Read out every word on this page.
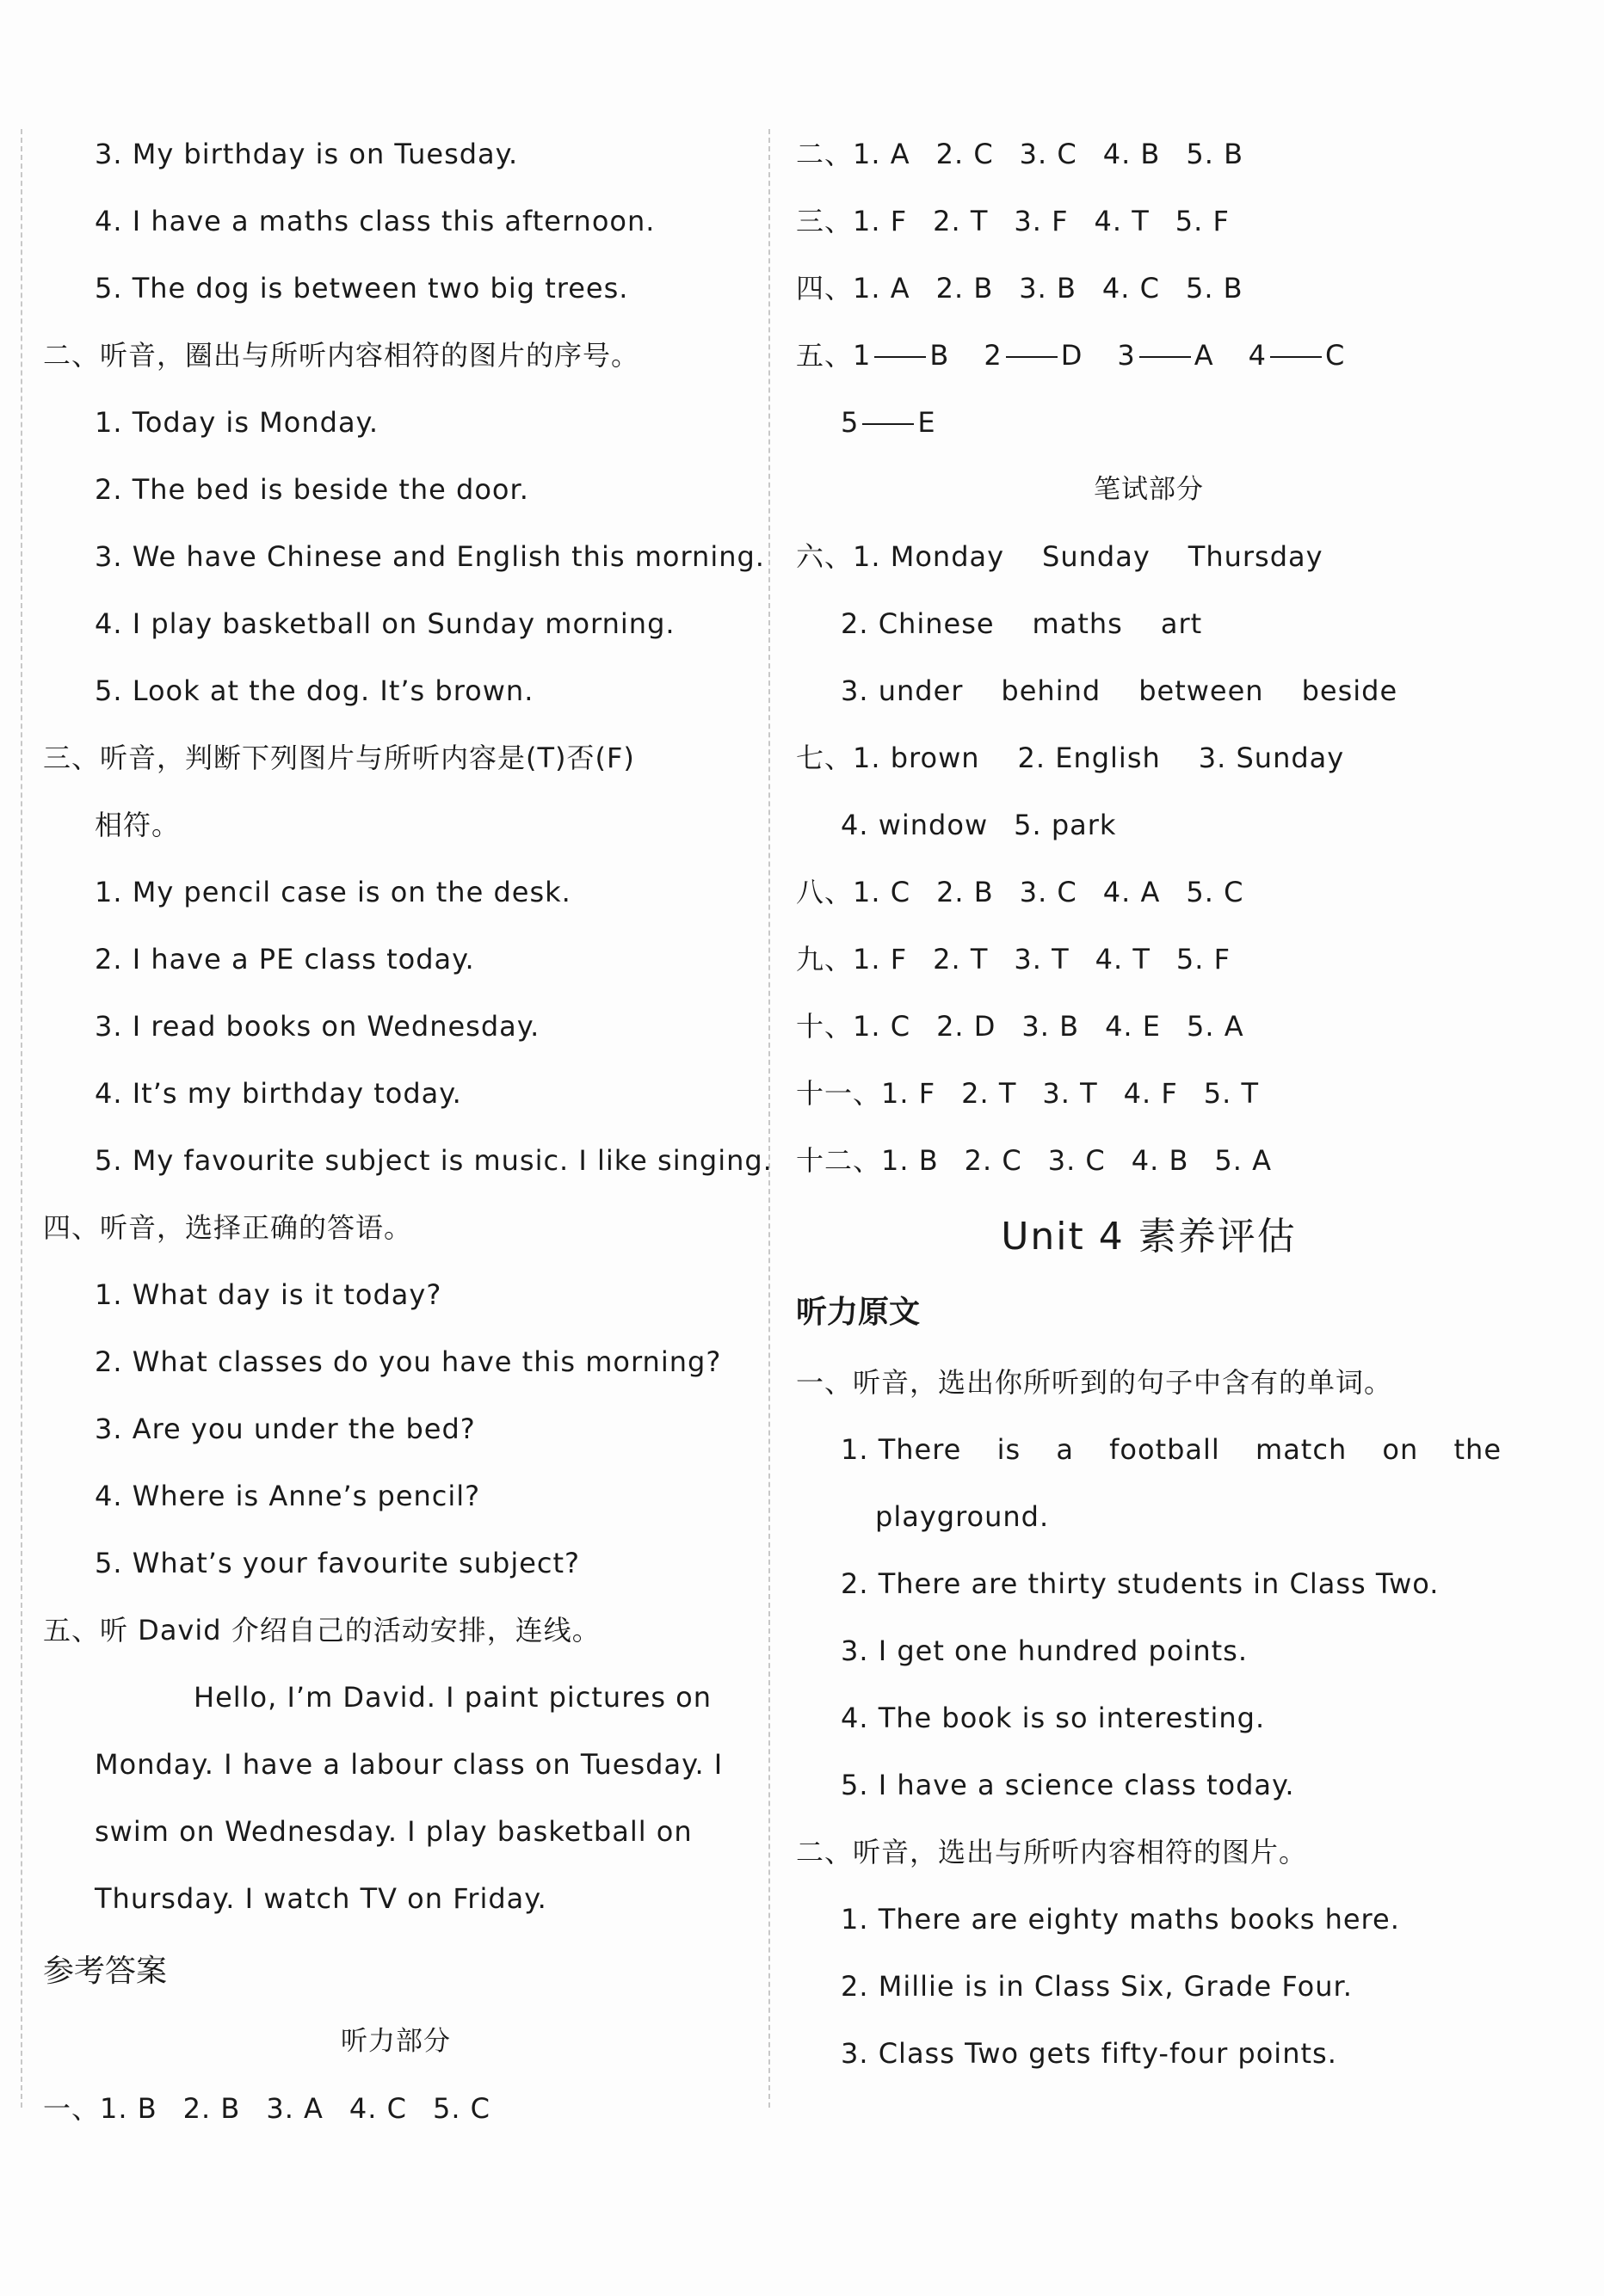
3. My birthday is on Tuesday.
4. I have a maths class this afternoon.
5. The dog is between two big trees.
二、听音，圈出与所听内容相符的图片的序号。
1. Today is Monday.
2. The bed is beside the door.
3. We have Chinese and English this morning.
4. I play basketball on Sunday morning.
5. Look at the dog. It’s brown.
三、听音，判断下列图片与所听内容是(T)否(F)
相符。
1. My pencil case is on the desk.
2. I have a PE class today.
3. I read books on Wednesday.
4. It’s my birthday today.
5. My favourite subject is music. I like singing.
四、听音，选择正确的答语。
1. What day is it today?
2. What classes do you have this morning?
3. Are you under the bed?
4. Where is Anne’s pencil?
5. What’s your favourite subject?
五、听 David 介绍自己的活动安排，连线。
Hello, I’m David. I paint pictures on
Monday. I have a labour class on Tuesday. I
swim on Wednesday. I play basketball on
Thursday. I watch TV on Friday.
参考答案
听力部分
一、1. B 2. B 3. A 4. C 5. C
二、1. A 2. C 3. C 4. B 5. B
三、1. F 2. T 3. F 4. T 5. F
四、1. A 2. B 3. B 4. C 5. B
五、1 B 2 D 3 A 4 C
5 E
笔试部分
六、1. Monday Sunday Thursday
2. Chinese maths art
3. under behind between beside
七、1. brown 2. English 3. Sunday
4. window 5. park
八、1. C 2. B 3. C 4. A 5. C
九、1. F 2. T 3. T 4. T 5. F
十、1. C 2. D 3. B 4. E 5. A
十一、1. F 2. T 3. T 4. F 5. T
十二、1. B 2. C 3. C 4. B 5. A
Unit 4 素养评估
听力原文
一、听音，选出你所听到的句子中含有的单词。
1. There is a football match on the
playground.
2. There are thirty students in Class Two.
3. I get one hundred points.
4. The book is so interesting.
5. I have a science class today.
二、听音，选出与所听内容相符的图片。
1. There are eighty maths books here.
2. Millie is in Class Six, Grade Four.
3. Class Two gets fifty-four points.
